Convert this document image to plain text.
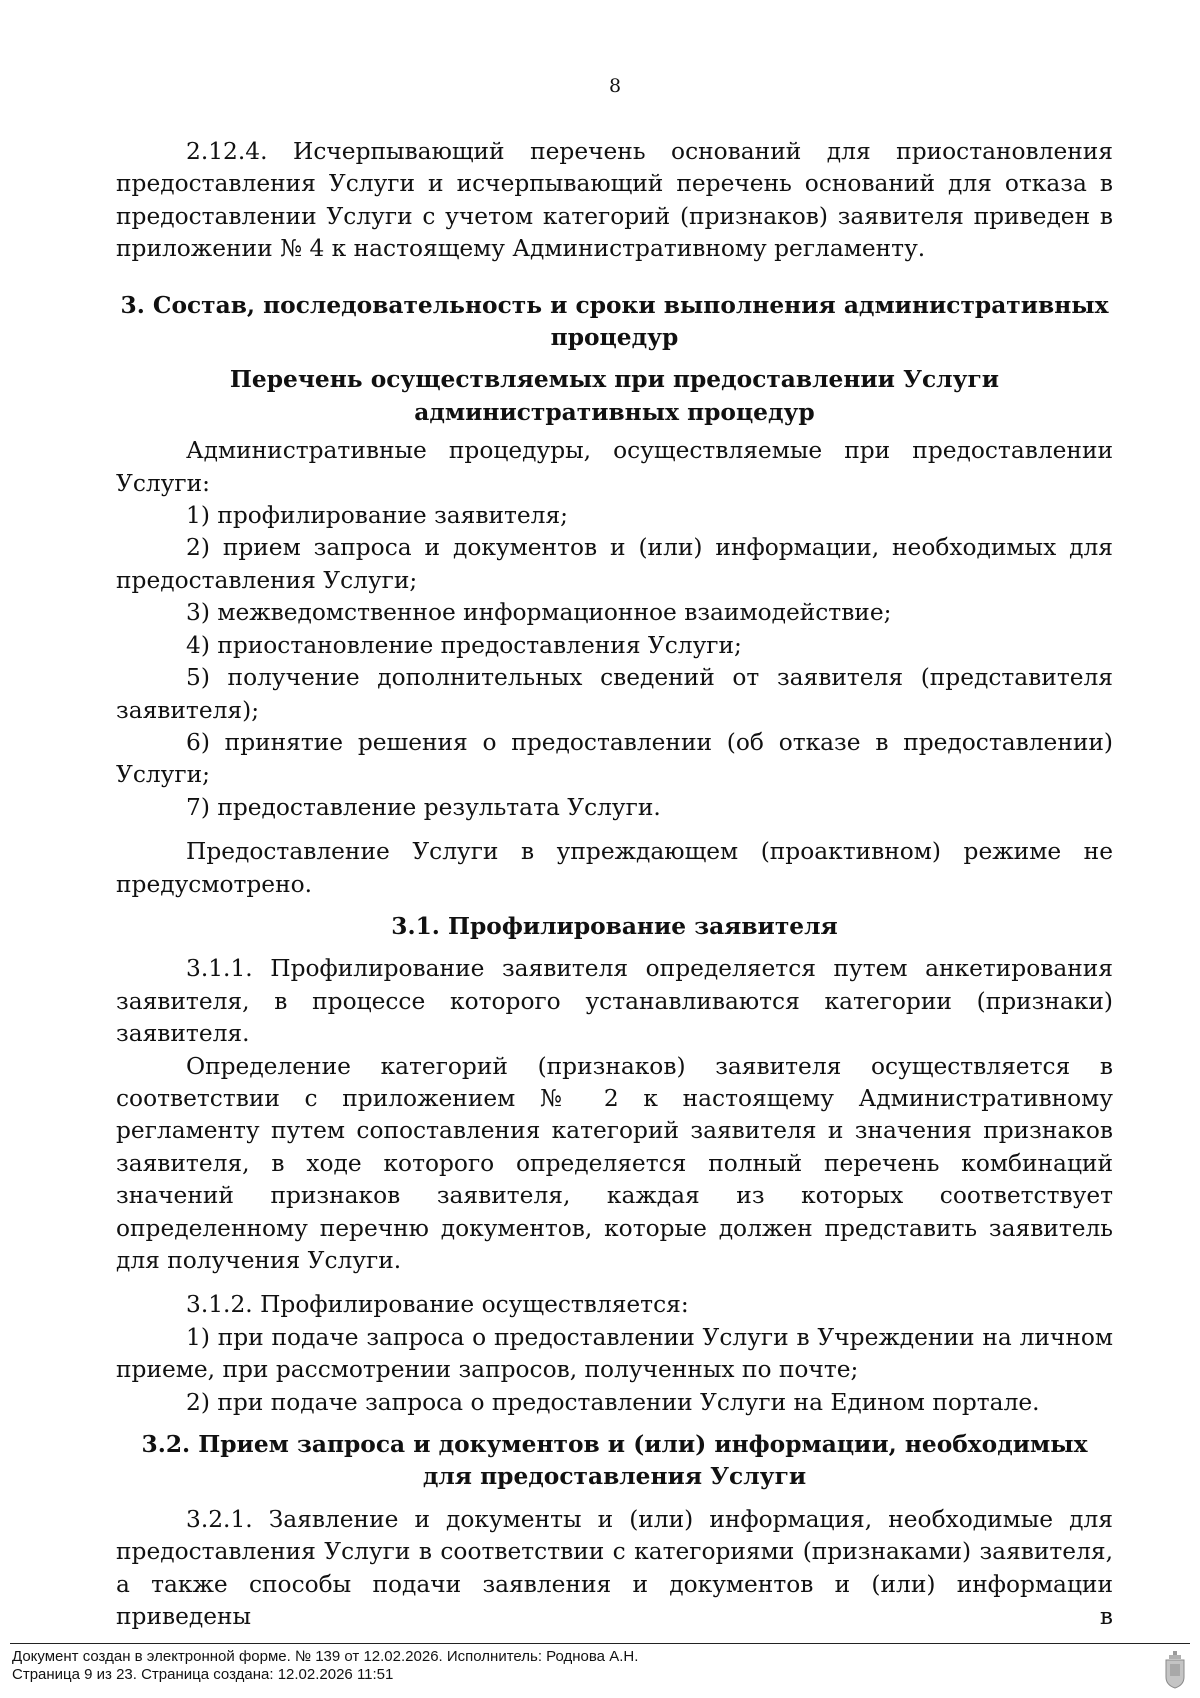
8

2.12.4. Исчерпывающий перечень оснований для приостановления предоставления Услуги и исчерпывающий перечень оснований для отказа в предоставлении Услуги с учетом категорий (признаков) заявителя приведен в приложении № 4 к настоящему Административному регламенту.

3. Состав, последовательность и сроки выполнения административных процедур
Перечень осуществляемых при предоставлении Услуги административных процедур

Административные процедуры, осуществляемые при предоставлении Услуги:

1) профилирование заявителя;

2) прием запроса и документов и (или) информации, необходимых для предоставления Услуги;

3) межведомственное информационное взаимодействие;

4) приостановление предоставления Услуги;

5) получение дополнительных сведений от заявителя (представителя заявителя);

6) принятие решения о предоставлении (об отказе в предоставлении) Услуги;

7) предоставление результата Услуги.

Предоставление Услуги в упреждающем (проактивном) режиме не предусмотрено.

3.1. Профилирование заявителя

3.1.1. Профилирование заявителя определяется путем анкетирования заявителя, в процессе которого устанавливаются категории (признаки) заявителя.

Определение категорий (признаков) заявителя осуществляется в соответствии с приложением № 2 к настоящему Административному регламенту путем сопоставления категорий заявителя и значения признаков заявителя, в ходе которого определяется полный перечень комбинаций значений признаков заявителя, каждая из которых соответствует определенному перечню документов, которые должен представить заявитель для получения Услуги.

3.1.2. Профилирование осуществляется:

1) при подаче запроса о предоставлении Услуги в Учреждении на личном приеме, при рассмотрении запросов, полученных по почте;

2) при подаче запроса о предоставлении Услуги на Едином портале.

3.2. Прием запроса и документов и (или) информации, необходимых для предоставления Услуги

3.2.1. Заявление и документы и (или) информация, необходимые для предоставления Услуги в соответствии с категориями (признаками) заявителя, а также способы подачи заявления и документов и (или) информации приведены в

Документ создан в электронной форме. № 139 от 12.02.2026. Исполнитель: Роднова А.Н.
Страница 9 из 23. Страница создана: 12.02.2026 11:51
